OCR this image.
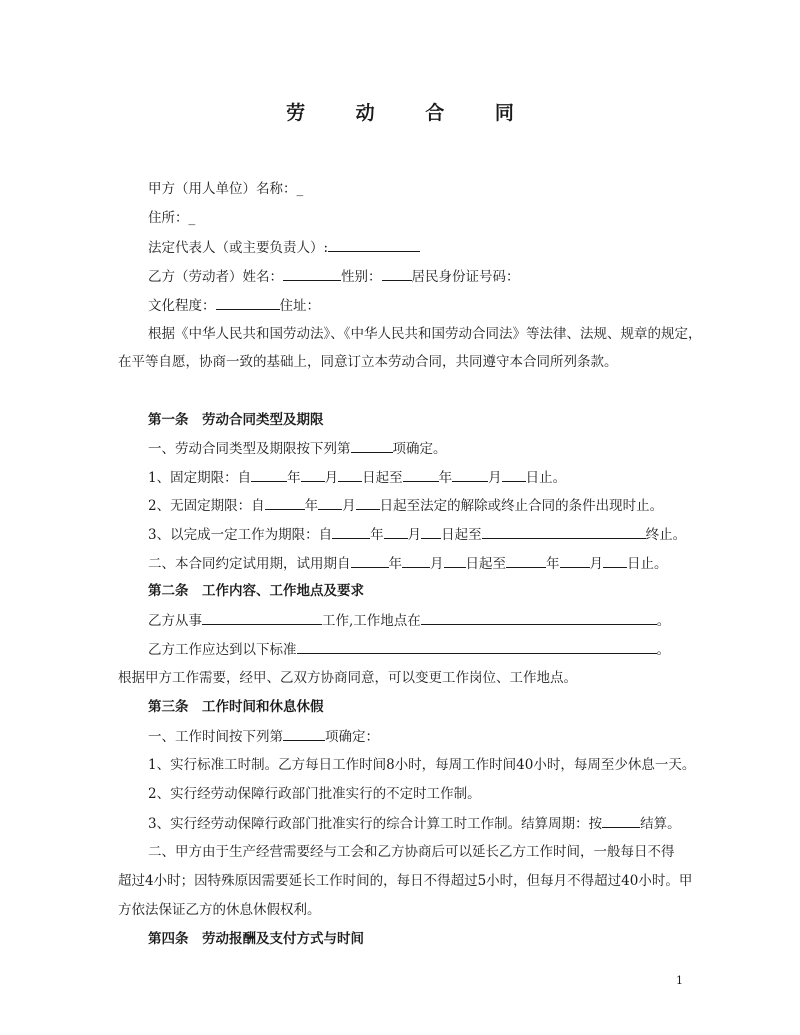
劳 动 合 同
甲方（用人单位）名称：_
住所：_
法定代表人（或主要负责人）:
乙方（劳动者）姓名：	性别： 居民身份证号码：
文化程度：	住址：
根据《中华人民共和国劳动法》、《中华人民共和国劳动合同法》等法律、法规、规章的规定，
在平等自愿，协商一致的基础上，同意订立本劳动合同，共同遵守本合同所列条款。
第一条　劳动合同类型及期限
一、劳动合同类型及期限按下列第	项确定。
1、固定期限：自	年 月 日起至	年	月 日止。
2、无固定期限：自	年 月 日起至法定的解除或终止合同的条件出现时止。
3、以完成一定工作为期限：自	年 月 日起至	终止。
二、本合同约定试用期，试用期自	年 月 日起至	年 月 日止。
第二条　工作内容、工作地点及要求
乙方从事	工作,工作地点在	。
乙方工作应达到以下标准	。
根据甲方工作需要，经甲、乙双方协商同意，可以变更工作岗位、工作地点。
第三条　工作时间和休息休假
一、工作时间按下列第	项确定：
1、实行标准工时制。乙方每日工作时间8小时，每周工作时间40小时，每周至少休息一天。
2、实行经劳动保障行政部门批准实行的不定时工作制。
3、实行经劳动保障行政部门批准实行的综合计算工时工作制。结算周期：按	结算。
二、甲方由于生产经营需要经与工会和乙方协商后可以延长乙方工作时间，一般每日不得
超过4小时；因特殊原因需要延长工作时间的，每日不得超过5小时，但每月不得超过40小时。甲
方依法保证乙方的休息休假权利。
第四条　劳动报酬及支付方式与时间
1
